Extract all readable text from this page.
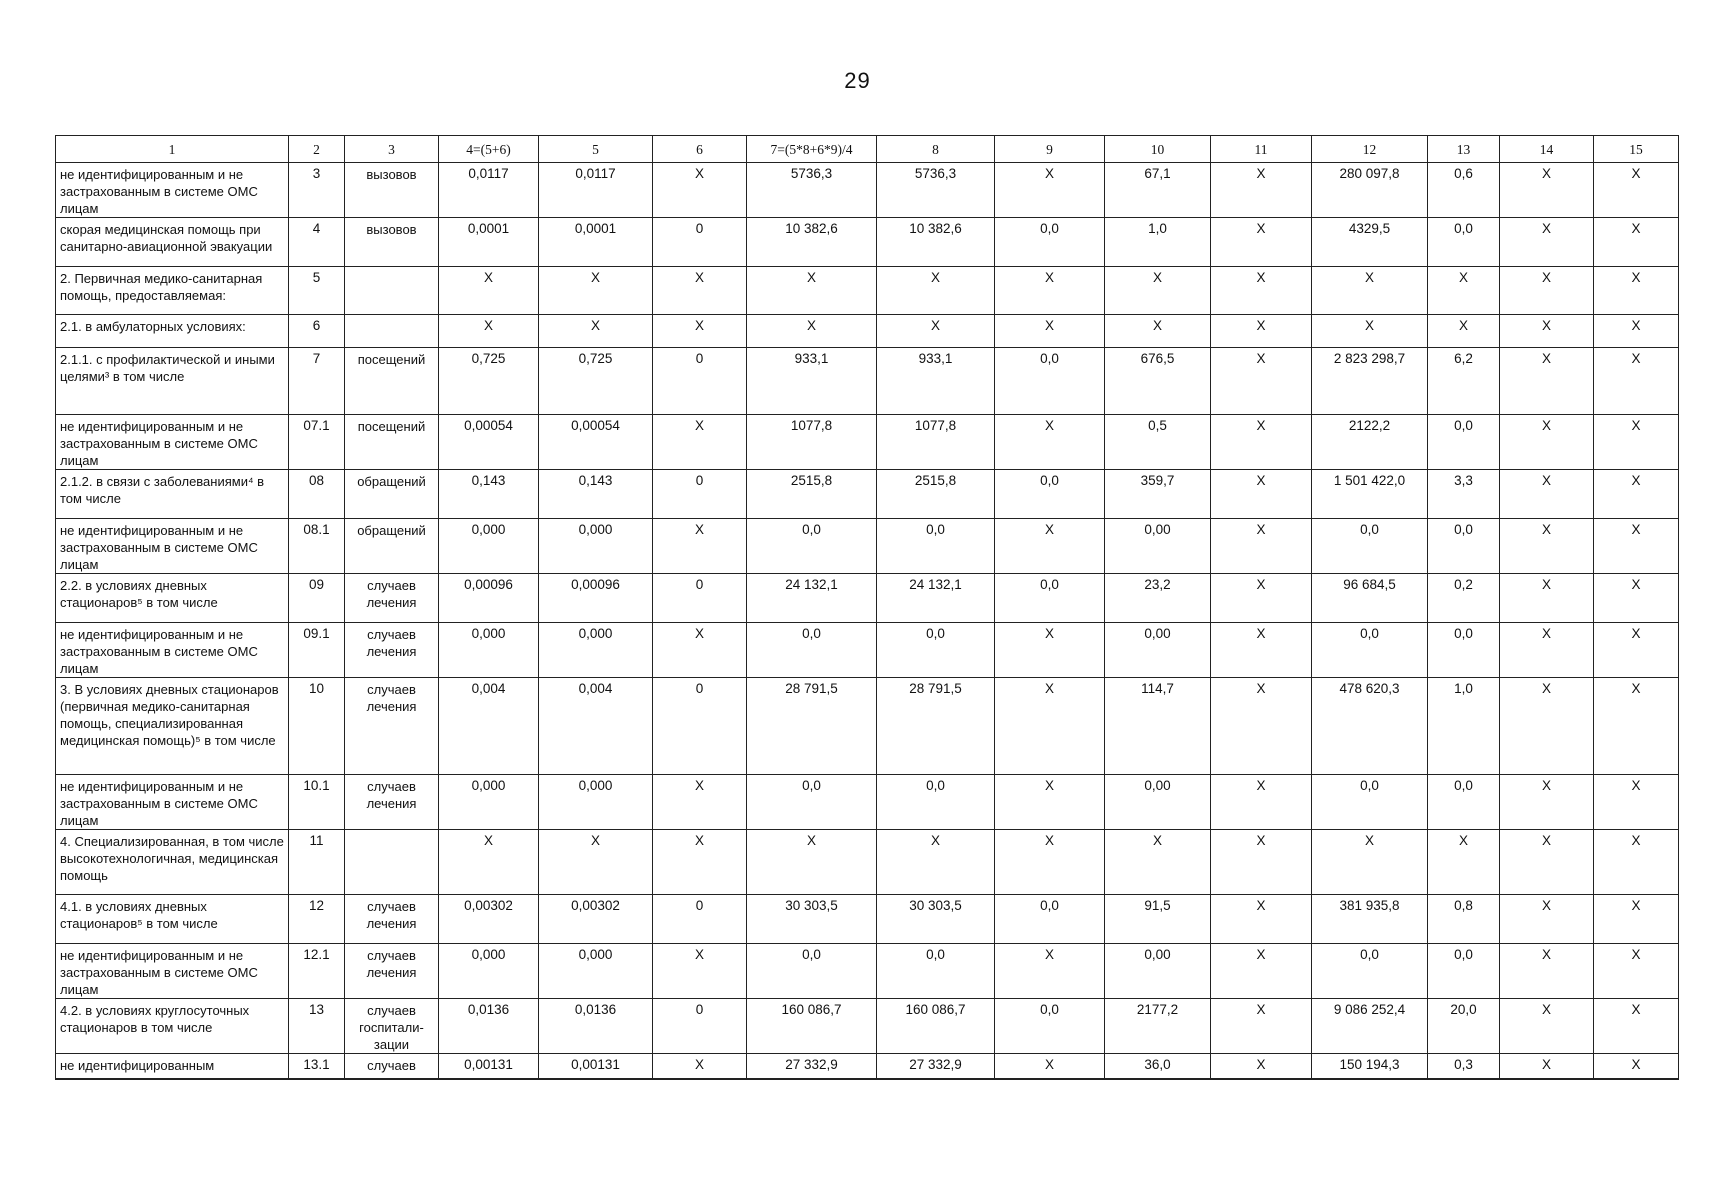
29
1	2	3	4=(5+6)	5	6	7=(5*8+6*9)/4	8	9	10	11	12	13	14	15
не идентифицированным и не застрахованным в системе ОМС лицам	3	вызовов	0,0117	0,0117	Х	5736,3	5736,3	Х	67,1	Х	280 097,8	0,6	Х	Х
скорая медицинская помощь при санитарно-авиационной эвакуации	4	вызовов	0,0001	0,0001	0	10 382,6	10 382,6	0,0	1,0	Х	4329,5	0,0	Х	Х
2. Первичная медико-санитарная помощь, предоставляемая:	5		Х	Х	Х	Х	Х	Х	Х	Х	Х	Х	Х	Х
2.1. в амбулаторных условиях:	6		Х	Х	Х	Х	Х	Х	Х	Х	Х	Х	Х	Х
2.1.1. с профилактической и иными целями³ в том числе	7	посещений	0,725	0,725	0	933,1	933,1	0,0	676,5	Х	2 823 298,7	6,2	Х	Х
не идентифицированным и не застрахованным в системе ОМС лицам	07.1	посещений	0,00054	0,00054	Х	1077,8	1077,8	Х	0,5	Х	2122,2	0,0	Х	Х
2.1.2. в связи с заболеваниями⁴ в том числе	08	обращений	0,143	0,143	0	2515,8	2515,8	0,0	359,7	Х	1 501 422,0	3,3	Х	Х
не идентифицированным и не застрахованным в системе ОМС лицам	08.1	обращений	0,000	0,000	Х	0,0	0,0	Х	0,00	Х	0,0	0,0	Х	Х
2.2. в условиях дневных стационаров⁵ в том числе	09	случаев лечения	0,00096	0,00096	0	24 132,1	24 132,1	0,0	23,2	Х	96 684,5	0,2	Х	Х
не идентифицированным и не застрахованным в системе ОМС лицам	09.1	случаев лечения	0,000	0,000	Х	0,0	0,0	Х	0,00	Х	0,0	0,0	Х	Х
3. В условиях дневных стационаров (первичная медико-санитарная помощь, специализированная медицинская помощь)⁵ в том числе	10	случаев лечения	0,004	0,004	0	28 791,5	28 791,5	Х	114,7	Х	478 620,3	1,0	Х	Х
не идентифицированным и не застрахованным в системе ОМС лицам	10.1	случаев лечения	0,000	0,000	Х	0,0	0,0	Х	0,00	Х	0,0	0,0	Х	Х
4. Специализированная, в том числе высокотехнологичная, медицинская помощь	11		Х	Х	Х	Х	Х	Х	Х	Х	Х	Х	Х	Х
4.1. в условиях дневных стационаров⁵ в том числе	12	случаев лечения	0,00302	0,00302	0	30 303,5	30 303,5	0,0	91,5	Х	381 935,8	0,8	Х	Х
не идентифицированным и не застрахованным в системе ОМС лицам	12.1	случаев лечения	0,000	0,000	Х	0,0	0,0	Х	0,00	Х	0,0	0,0	Х	Х
4.2. в условиях круглосуточных стационаров в том числе	13	случаев госпитали-зации	0,0136	0,0136	0	160 086,7	160 086,7	0,0	2177,2	Х	9 086 252,4	20,0	Х	Х
не идентифицированным	13.1	случаев	0,00131	0,00131	Х	27 332,9	27 332,9	Х	36,0	Х	150 194,3	0,3	Х	Х
